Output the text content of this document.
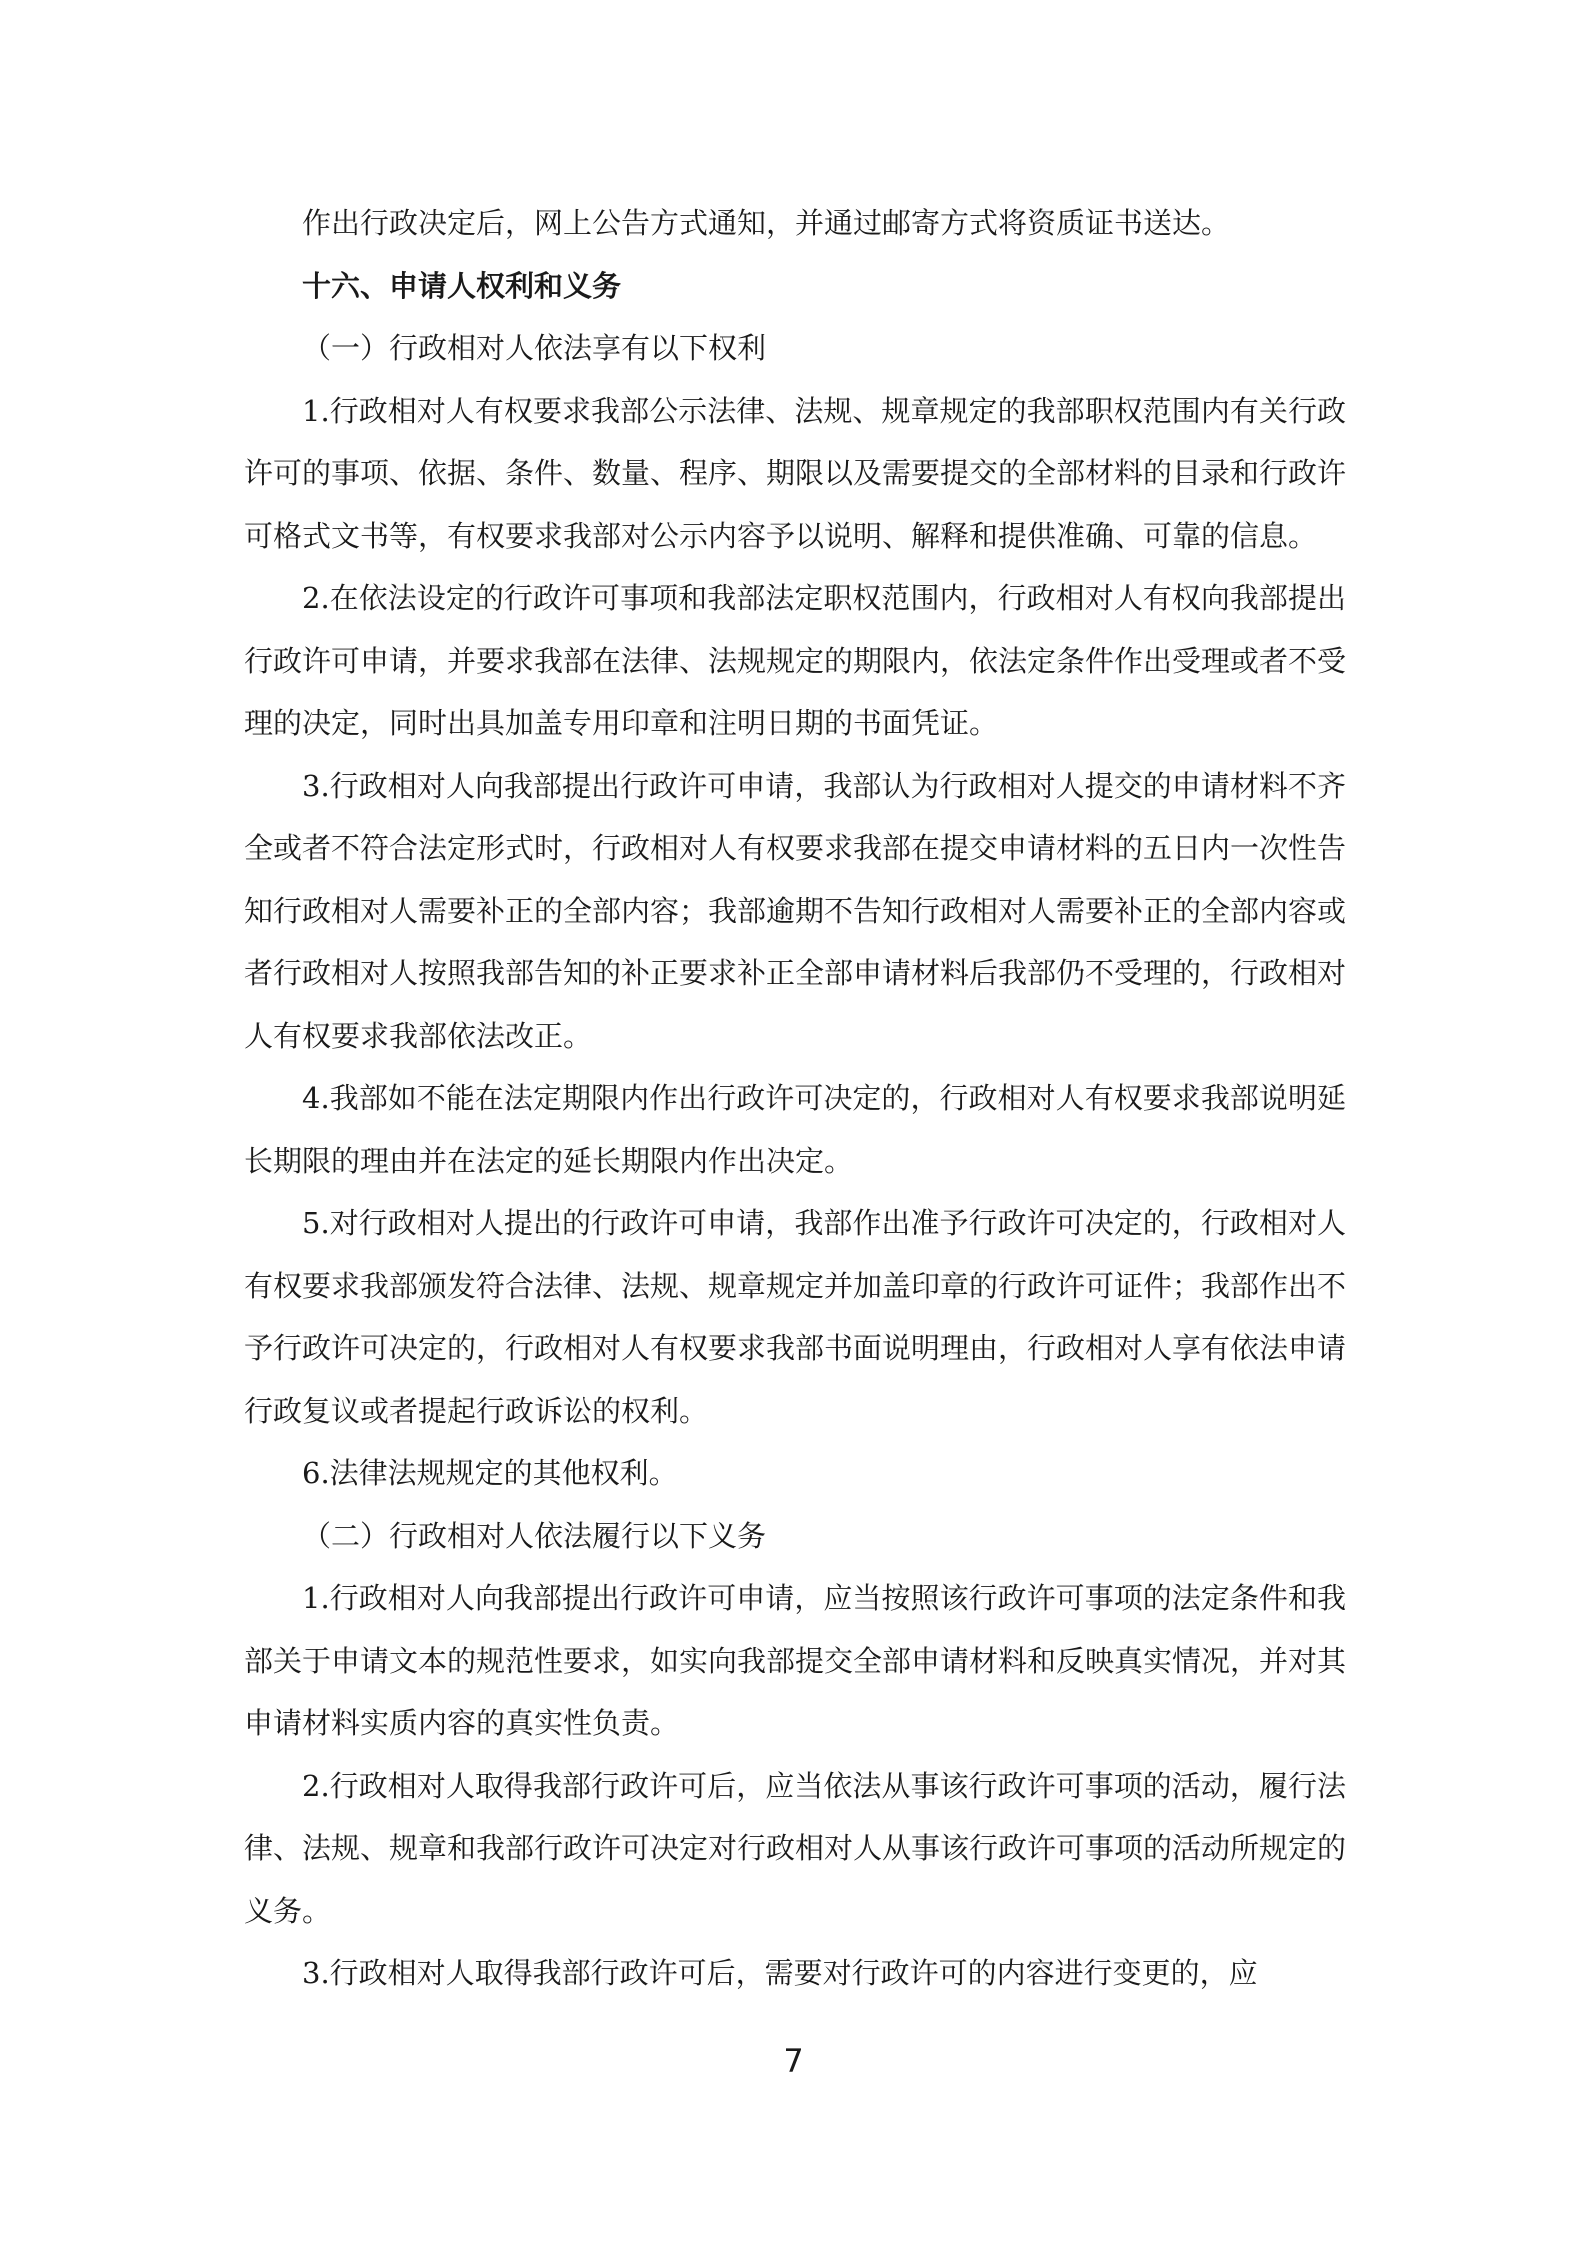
作出行政决定后，网上公告方式通知，并通过邮寄方式将资质证书送达。

十六、申请人权利和义务

（一）行政相对人依法享有以下权利

1.行政相对人有权要求我部公示法律、法规、规章规定的我部职权范围内有关行政许可的事项、依据、条件、数量、程序、期限以及需要提交的全部材料的目录和行政许可格式文书等，有权要求我部对公示内容予以说明、解释和提供准确、可靠的信息。

2.在依法设定的行政许可事项和我部法定职权范围内，行政相对人有权向我部提出行政许可申请，并要求我部在法律、法规规定的期限内，依法定条件作出受理或者不受理的决定，同时出具加盖专用印章和注明日期的书面凭证。

3.行政相对人向我部提出行政许可申请，我部认为行政相对人提交的申请材料不齐全或者不符合法定形式时，行政相对人有权要求我部在提交申请材料的五日内一次性告知行政相对人需要补正的全部内容；我部逾期不告知行政相对人需要补正的全部内容或者行政相对人按照我部告知的补正要求补正全部申请材料后我部仍不受理的，行政相对人有权要求我部依法改正。

4.我部如不能在法定期限内作出行政许可决定的，行政相对人有权要求我部说明延长期限的理由并在法定的延长期限内作出决定。

5.对行政相对人提出的行政许可申请，我部作出准予行政许可决定的，行政相对人有权要求我部颁发符合法律、法规、规章规定并加盖印章的行政许可证件；我部作出不予行政许可决定的，行政相对人有权要求我部书面说明理由，行政相对人享有依法申请行政复议或者提起行政诉讼的权利。

6.法律法规规定的其他权利。

（二）行政相对人依法履行以下义务

1.行政相对人向我部提出行政许可申请，应当按照该行政许可事项的法定条件和我部关于申请文本的规范性要求，如实向我部提交全部申请材料和反映真实情况，并对其申请材料实质内容的真实性负责。

2.行政相对人取得我部行政许可后，应当依法从事该行政许可事项的活动，履行法律、法规、规章和我部行政许可决定对行政相对人从事该行政许可事项的活动所规定的义务。

3.行政相对人取得我部行政许可后，需要对行政许可的内容进行变更的，应

7
